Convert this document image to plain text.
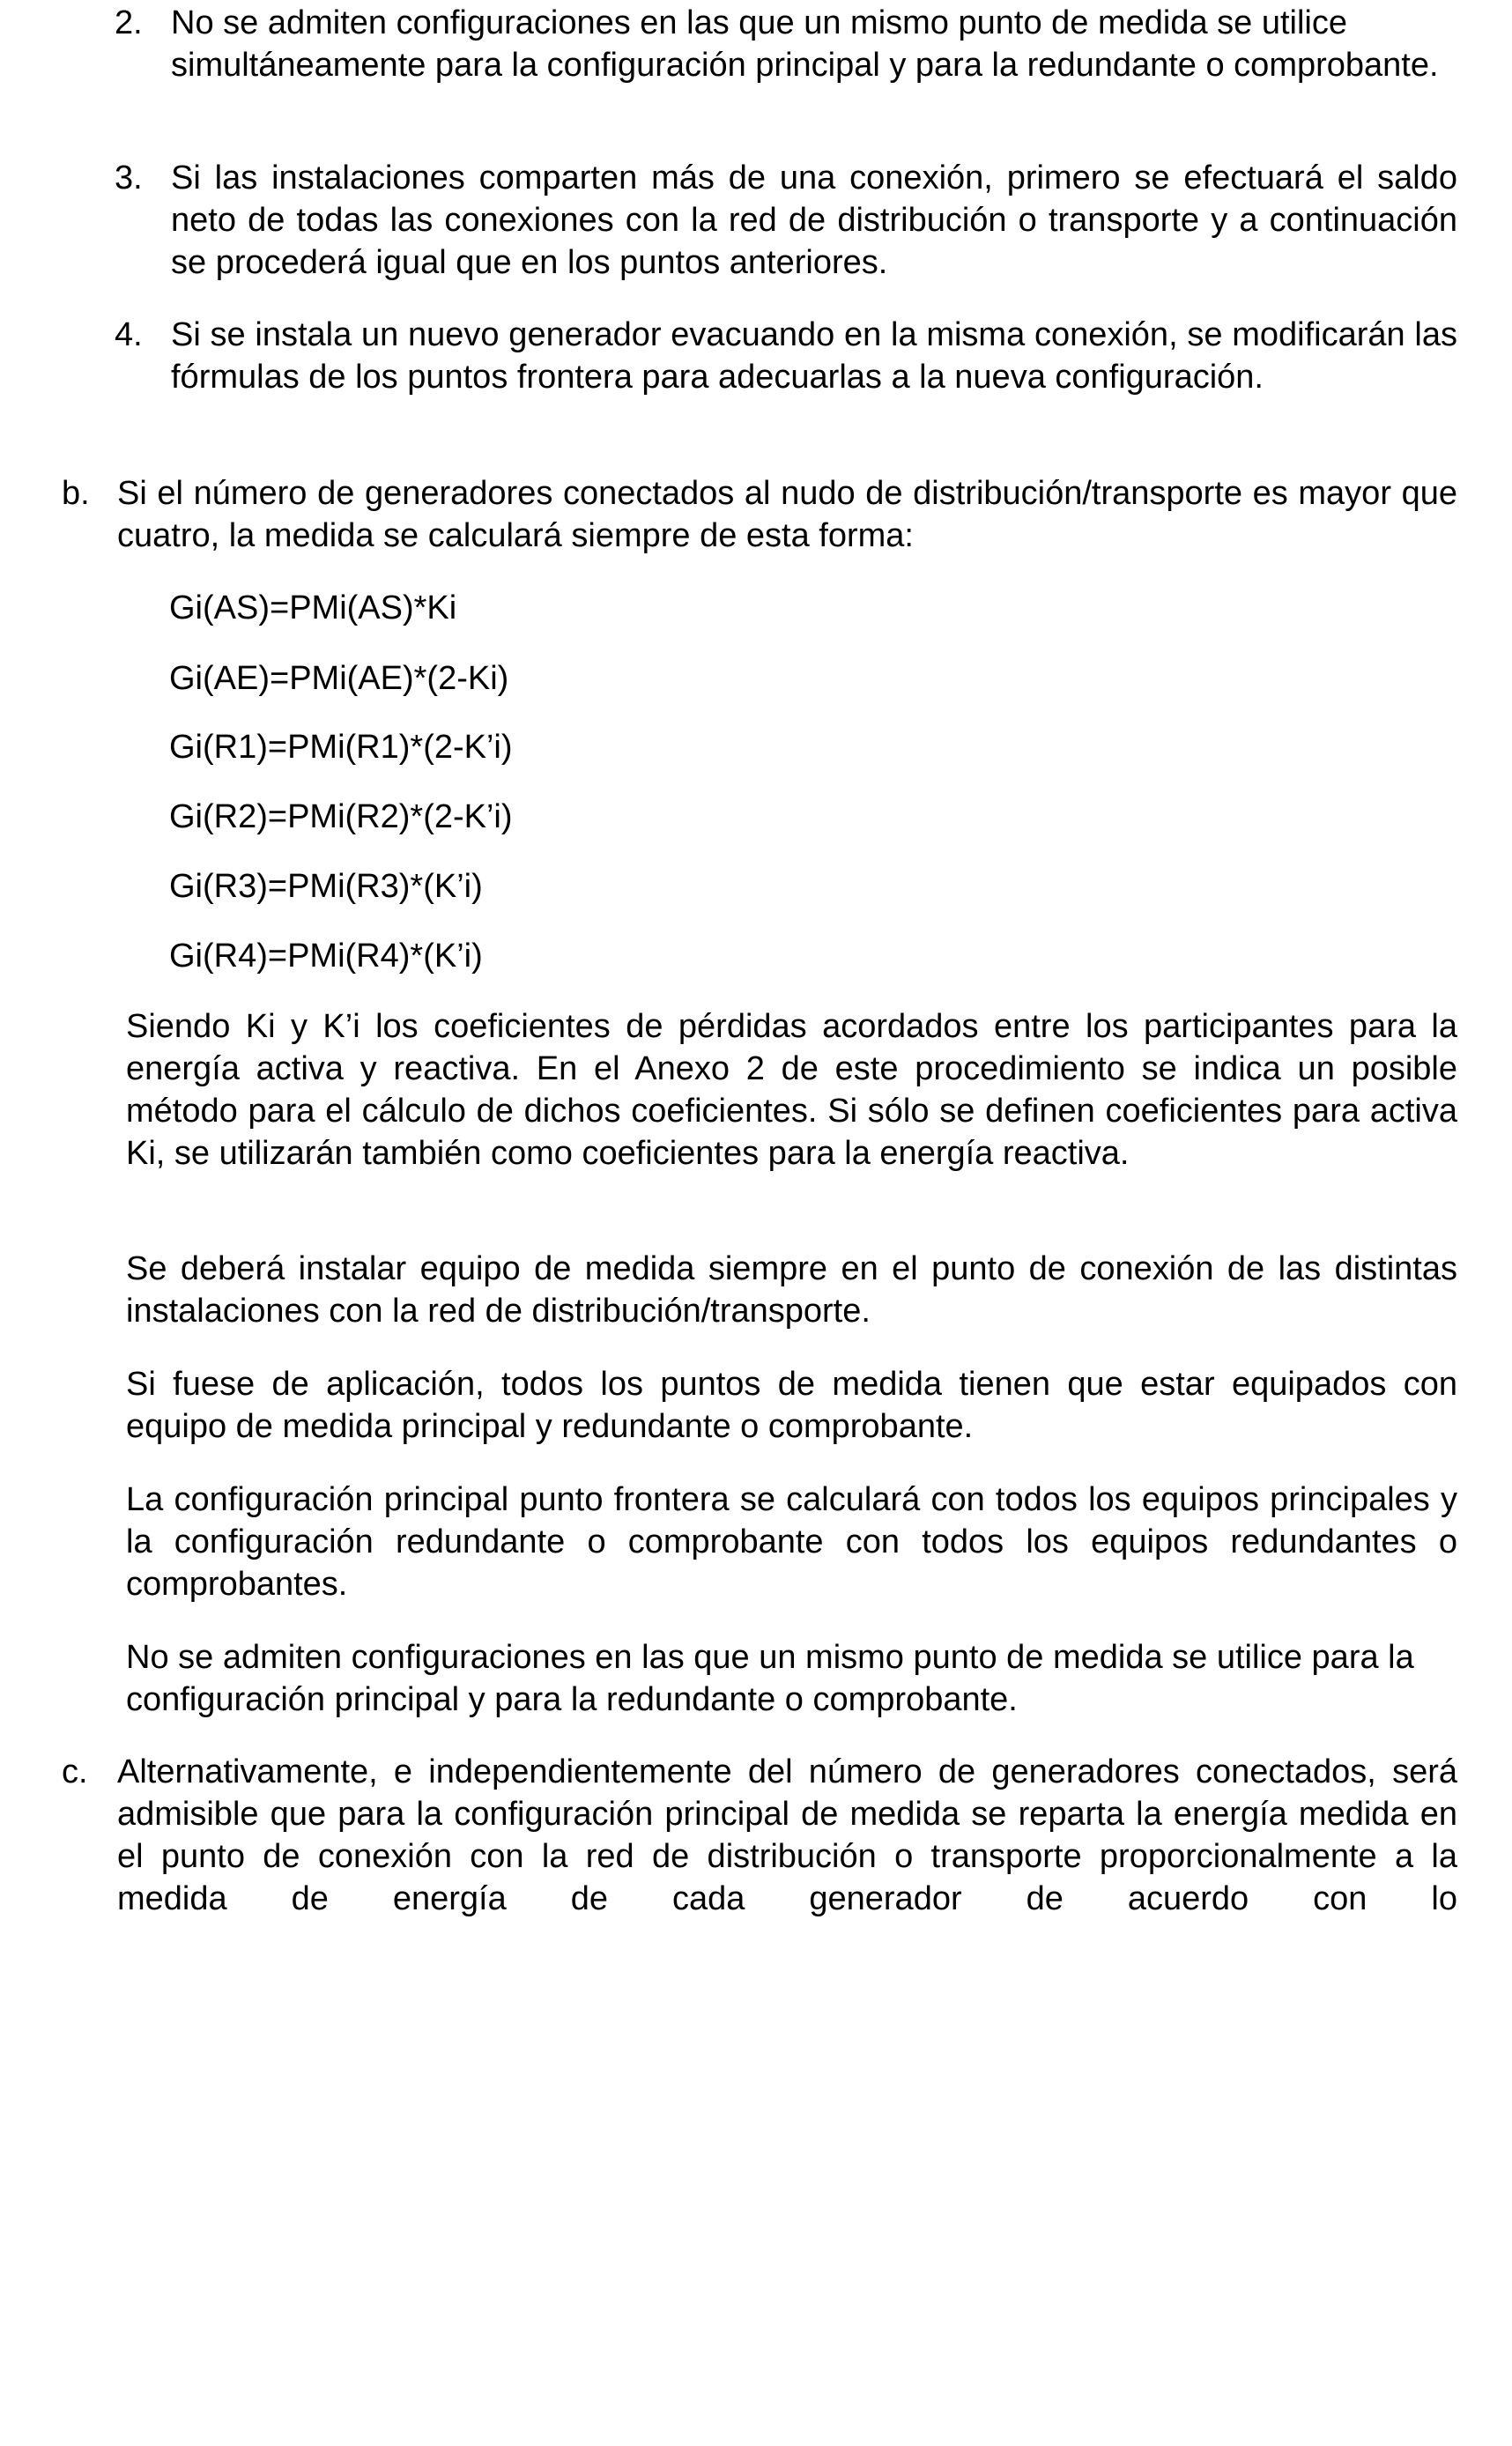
2. No se admiten configuraciones en las que un mismo punto de medida se utilice simultáneamente para la configuración principal y para la redundante o comprobante.

3. Si las instalaciones comparten más de una conexión, primero se efectuará el saldo neto de todas las conexiones con la red de distribución o transporte y a continuación se procederá igual que en los puntos anteriores.

4. Si se instala un nuevo generador evacuando en la misma conexión, se modificarán las fórmulas de los puntos frontera para adecuarlas a la nueva configuración.

b. Si el número de generadores conectados al nudo de distribución/transporte es mayor que cuatro, la medida se calculará siempre de esta forma:

Gi(AS)=PMi(AS)*Ki

Gi(AE)=PMi(AE)*(2-Ki)

Gi(R1)=PMi(R1)*(2-K’i)

Gi(R2)=PMi(R2)*(2-K’i)

Gi(R3)=PMi(R3)*(K’i)

Gi(R4)=PMi(R4)*(K’i)

Siendo Ki y K’i los coeficientes de pérdidas acordados entre los participantes para la energía activa y reactiva. En el Anexo 2 de este procedimiento se indica un posible método para el cálculo de dichos coeficientes. Si sólo se definen coeficientes para activa Ki, se utilizarán también como coeficientes para la energía reactiva.

Se deberá instalar equipo de medida siempre en el punto de conexión de las distintas instalaciones con la red de distribución/transporte.

Si fuese de aplicación, todos los puntos de medida tienen que estar equipados con equipo de medida principal y redundante o comprobante.

La configuración principal punto frontera se calculará con todos los equipos principales y la configuración redundante o comprobante con todos los equipos redundantes o comprobantes.

No se admiten configuraciones en las que un mismo punto de medida se utilice para la configuración principal y para la redundante o comprobante.

c. Alternativamente, e independientemente del número de generadores conectados, será admisible que para la configuración principal de medida se reparta la energía medida en el punto de conexión con la red de distribución o transporte proporcionalmente a la medida de energía de cada generador de acuerdo con lo
